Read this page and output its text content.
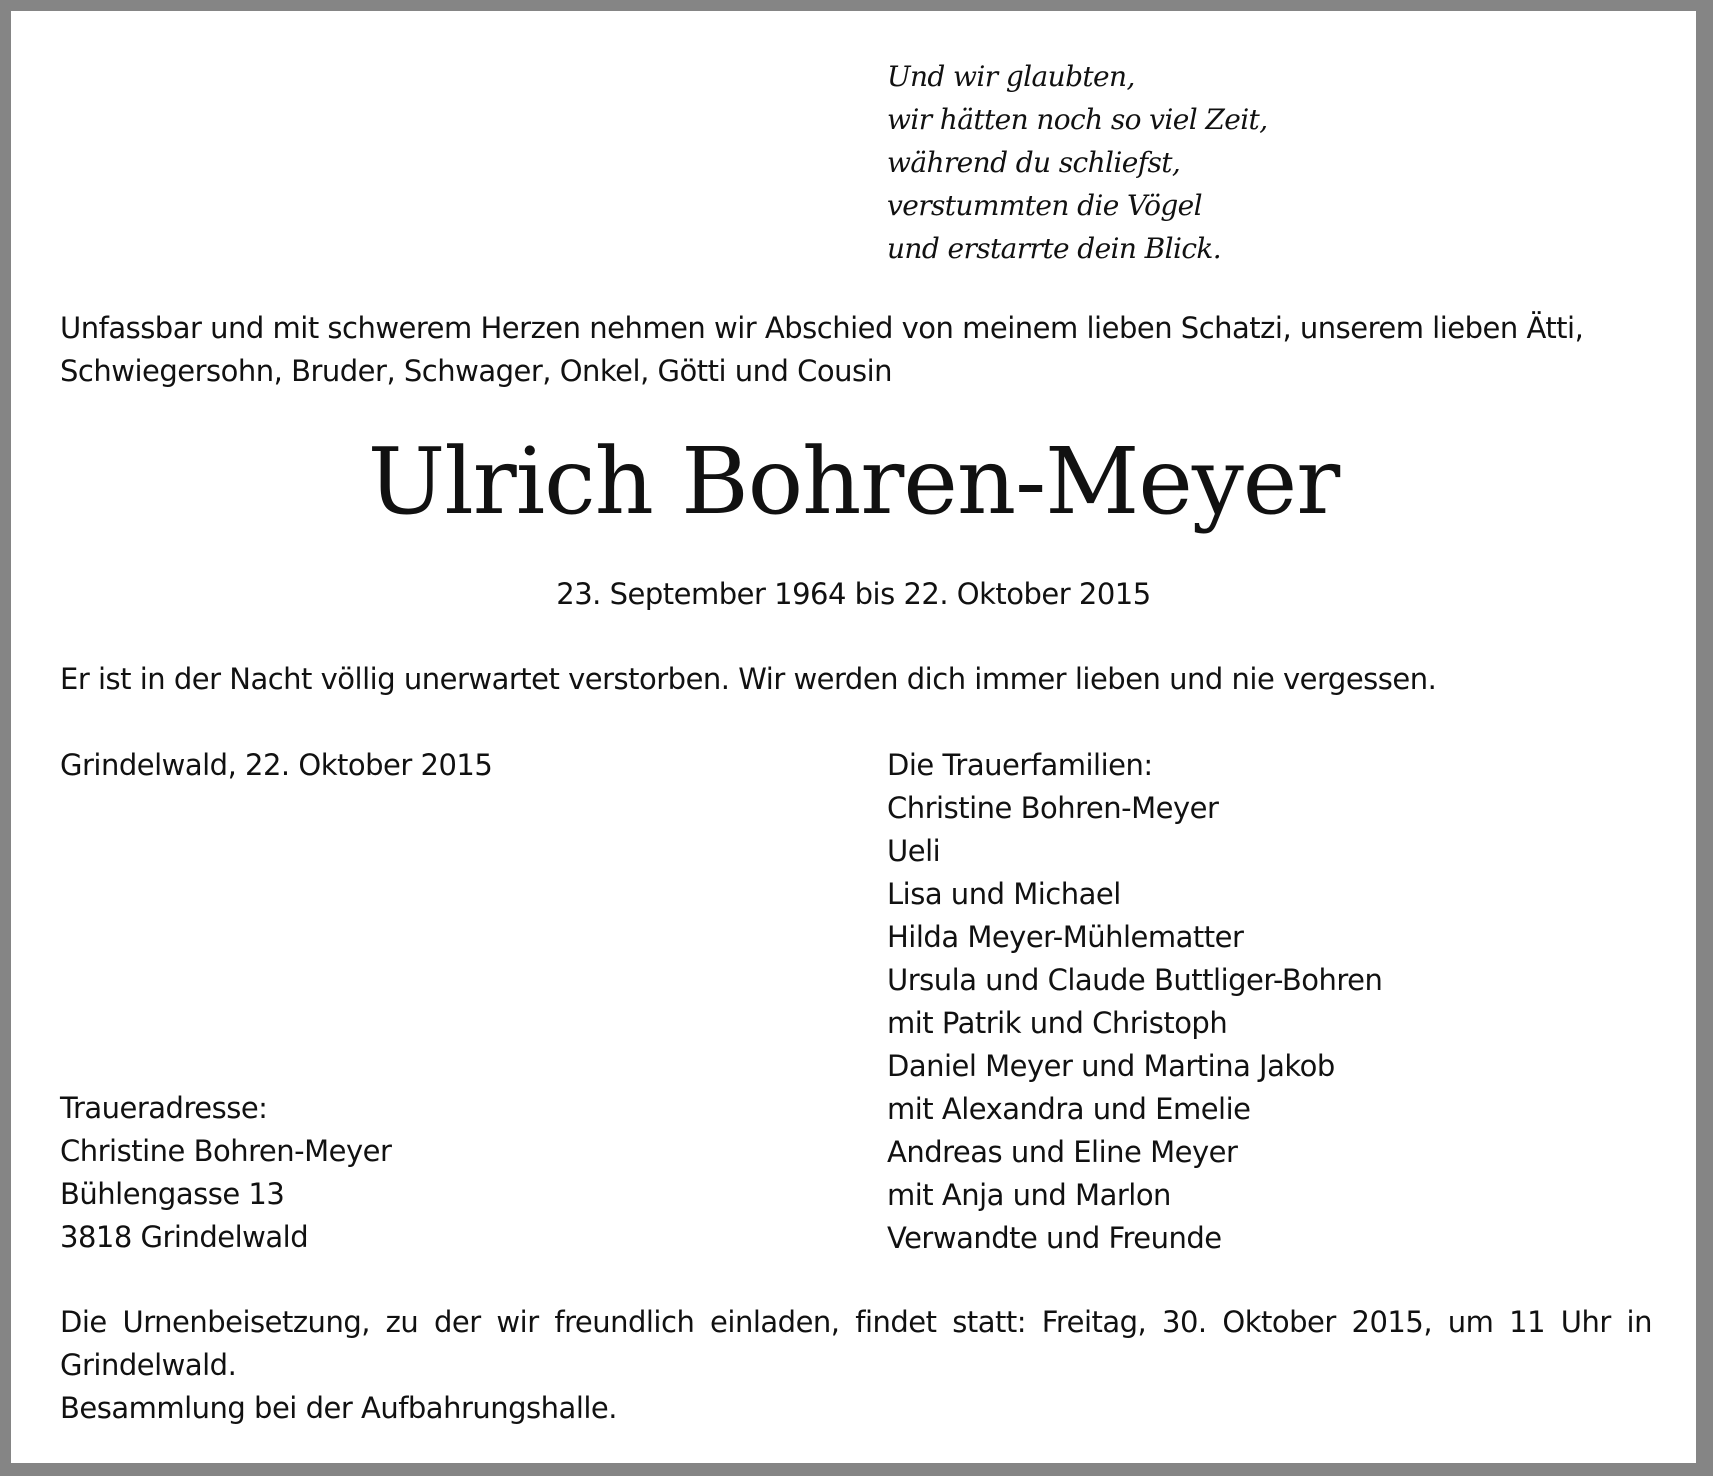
Und wir glaubten,
wir hätten noch so viel Zeit,
während du schliefst,
verstummten die Vögel
und erstarrte dein Blick.
Unfassbar und mit schwerem Herzen nehmen wir Abschied von meinem lieben Schatzi, unserem lieben Ätti, Schwiegersohn, Bruder, Schwager, Onkel, Götti und Cousin
Ulrich Bohren-Meyer
23. September 1964 bis 22. Oktober 2015
Er ist in der Nacht völlig unerwartet verstorben. Wir werden dich immer lieben und nie vergessen.
Grindelwald, 22. Oktober 2015	Die Trauerfamilien:
Christine Bohren-Meyer
Ueli
Lisa und Michael
Hilda Meyer-Mühlematter
Ursula und Claude Buttliger-Bohren
mit Patrik und Christoph
Daniel Meyer und Martina Jakob
mit Alexandra und Emelie
Andreas und Eline Meyer
mit Anja und Marlon
Verwandte und Freunde
Traueradresse:
Christine Bohren-Meyer
Bühlengasse 13
3818 Grindelwald
Die Urnenbeisetzung, zu der wir freundlich einladen, findet statt: Freitag, 30. Oktober 2015, um 11 Uhr in Grindelwald.
Besammlung bei der Aufbahrungshalle.
